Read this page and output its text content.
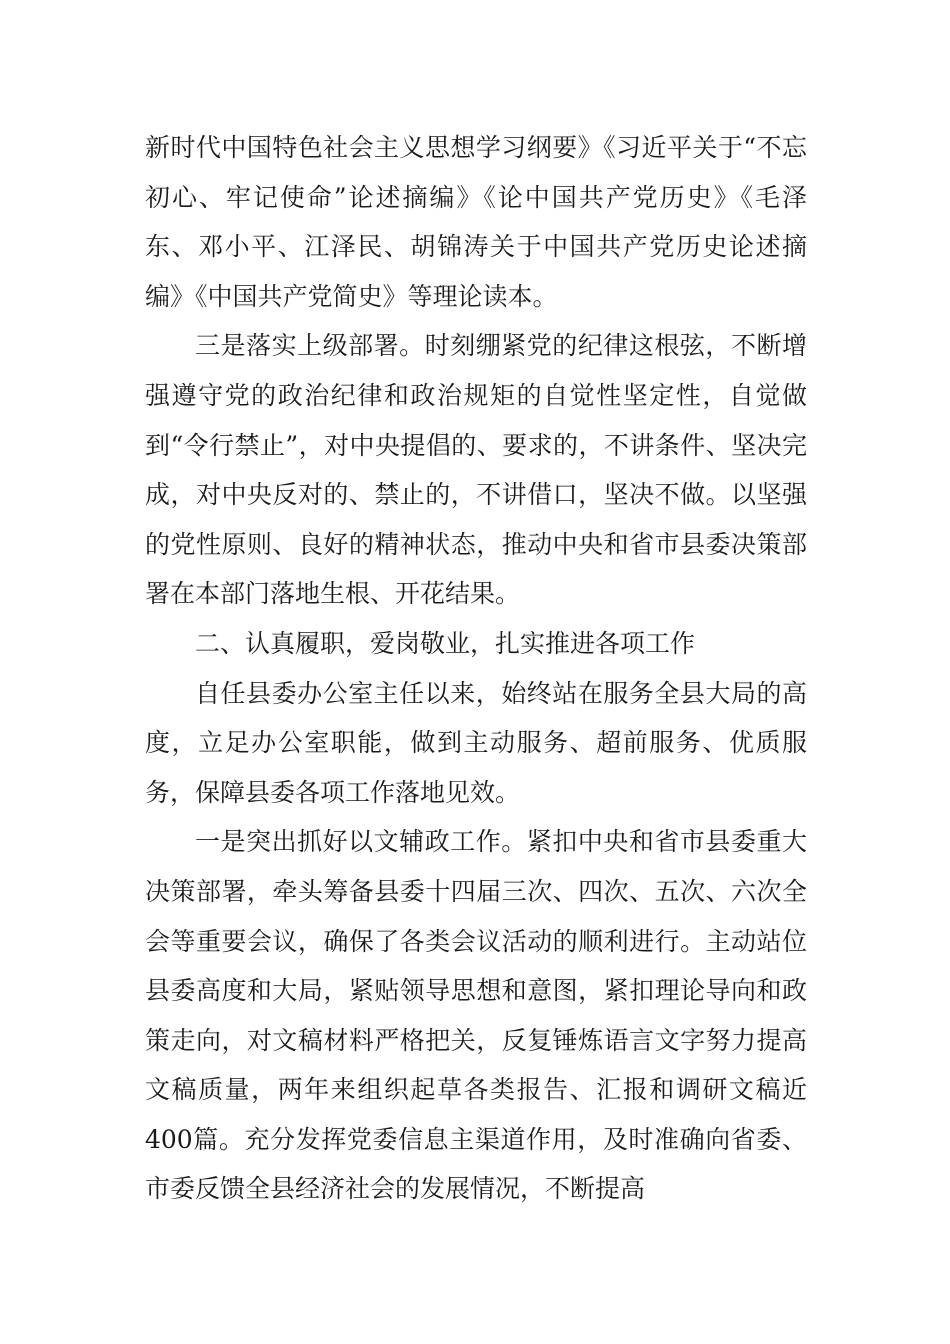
新时代中国特色社会主义思想学习纲要》《习近平关于“不忘初心、牢记使命”论述摘编》《论中国共产党历史》《毛泽东、邓小平、江泽民、胡锦涛关于中国共产党历史论述摘编》《中国共产党简史》等理论读本。

三是落实上级部署。时刻绷紧党的纪律这根弦，不断增强遵守党的政治纪律和政治规矩的自觉性坚定性，自觉做到“令行禁止”，对中央提倡的、要求的，不讲条件、坚决完成，对中央反对的、禁止的，不讲借口，坚决不做。以坚强的党性原则、良好的精神状态，推动中央和省市县委决策部署在本部门落地生根、开花结果。

二、认真履职，爱岗敬业，扎实推进各项工作

自任县委办公室主任以来，始终站在服务全县大局的高度，立足办公室职能，做到主动服务、超前服务、优质服务，保障县委各项工作落地见效。

一是突出抓好以文辅政工作。紧扣中央和省市县委重大决策部署，牵头筹备县委十四届三次、四次、五次、六次全会等重要会议，确保了各类会议活动的顺利进行。主动站位县委高度和大局，紧贴领导思想和意图，紧扣理论导向和政策走向，对文稿材料严格把关，反复锤炼语言文字努力提高文稿质量，两年来组织起草各类报告、汇报和调研文稿近400篇。充分发挥党委信息主渠道作用，及时准确向省委、市委反馈全县经济社会的发展情况，不断提高
